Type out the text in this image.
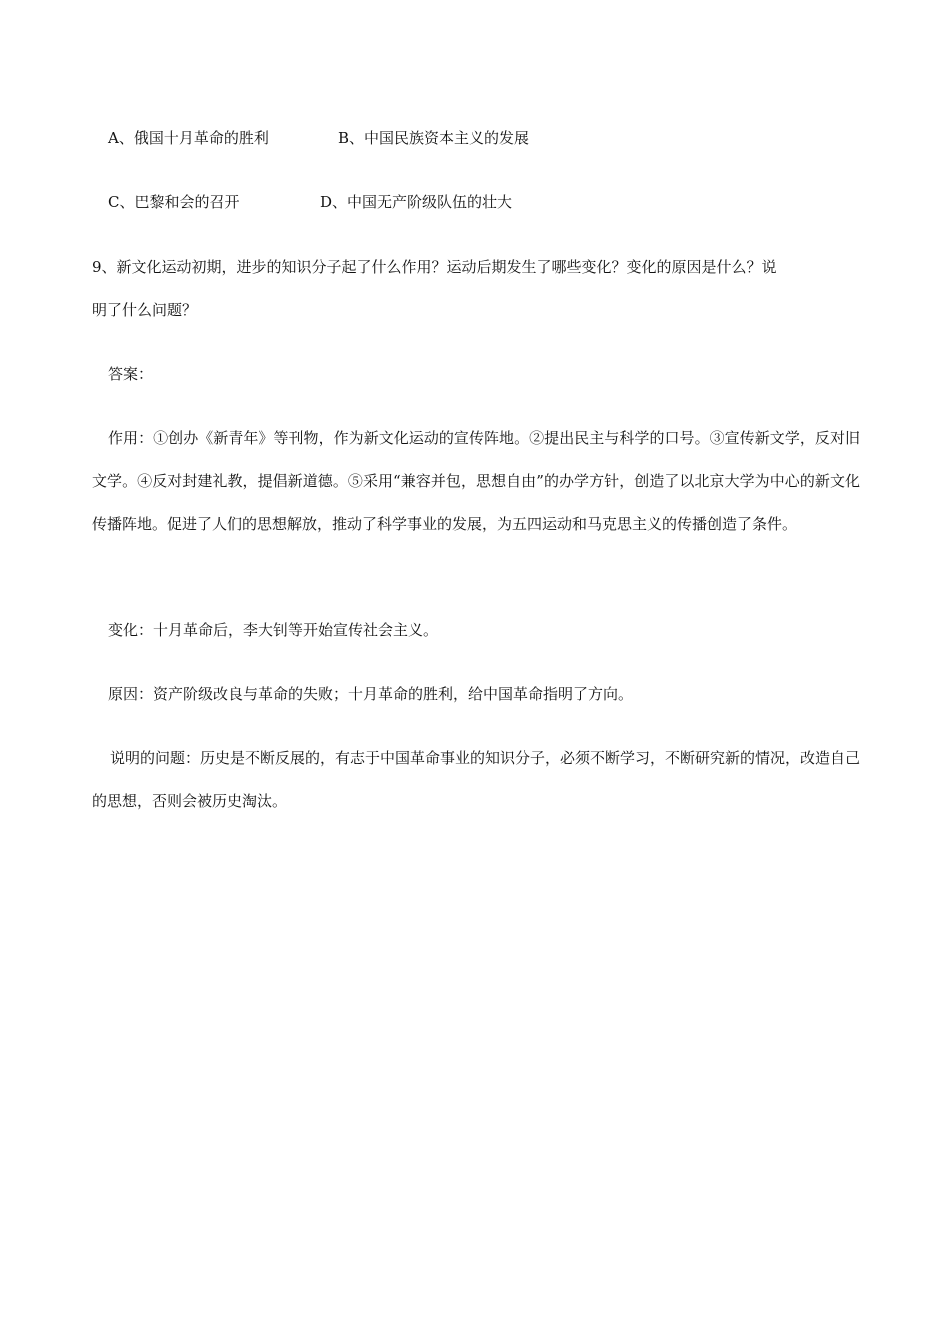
A、俄国十月革命的胜利	B、中国民族资本主义的发展
C、巴黎和会的召开	D、中国无产阶级队伍的壮大
9、新文化运动初期，进步的知识分子起了什么作用？运动后期发生了哪些变化？变化的原因是什么？说
明了什么问题？
答案：
作用：①创办《新青年》等刊物，作为新文化运动的宣传阵地。②提出民主与科学的口号。③宣传新文学，反对旧文学。④反对封建礼教，提倡新道德。⑤采用“兼容并包，思想自由”的办学方针，创造了以北京大学为中心的新文化传播阵地。促进了人们的思想解放，推动了科学事业的发展，为五四运动和马克思主义的传播创造了条件。
变化：十月革命后，李大钊等开始宣传社会主义。
原因：资产阶级改良与革命的失败；十月革命的胜利，给中国革命指明了方向。
说明的问题：历史是不断反展的，有志于中国革命事业的知识分子，必须不断学习，不断研究新的情况，改造自己的思想，否则会被历史淘汰。
